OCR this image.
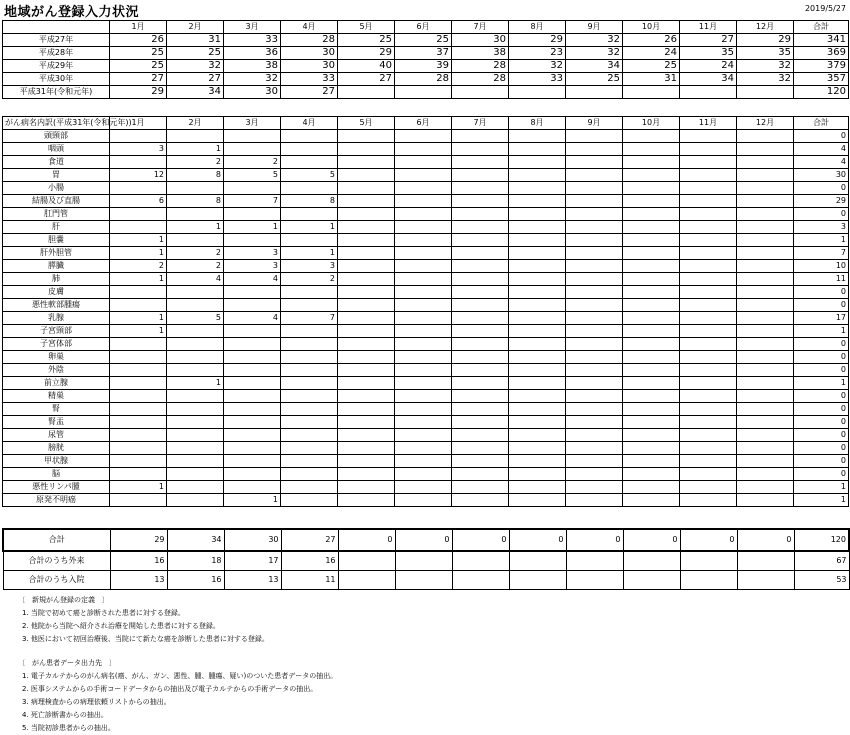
地域がん登録入力状況	2019/5/27
	1月	2月	3月	4月	5月	6月	7月	8月	9月	10月	11月	12月	合計
平成27年	26	31	33	28	25	25	30	29	32	26	27	29	341
平成28年	25	25	36	30	29	37	38	23	32	24	35	35	369
平成29年	25	32	38	30	40	39	28	32	34	25	24	32	379
平成30年	27	27	32	33	27	28	28	33	25	31	34	32	357
平成31年(令和元年)	29	34	30	27									120
がん病名内訳(平成31年(令和元年))	1月	2月	3月	4月	5月	6月	7月	8月	9月	10月	11月	12月	合計
頭頸部													0
咽頭	3	1											4
食道		2	2										4
胃	12	8	5	5									30
小腸													0
結腸及び直腸	6	8	7	8									29
肛門管													0
肝		1	1	1									3
胆嚢	1												1
肝外胆管	1	2	3	1									7
膵臓	2	2	3	3									10
肺	1	4	4	2									11
皮膚													0
悪性軟部腫瘍													0
乳腺	1	5	4	7									17
子宮頸部	1												1
子宮体部													0
卵巣													0
外陰													0
前立腺		1											1
精巣													0
腎													0
腎盂													0
尿管													0
膀胱													0
甲状腺													0
脳													0
悪性リンパ腫	1												1
原発不明癌			1										1
合計	29	34	30	27	0	0	0	0	0	0	0	0	120
合計のうち外来	16	18	17	16									67
合計のうち入院	13	16	13	11									53
〔　新規がん登録の定義　〕
1. 当院で初めて癌と診断された患者に対する登録。
2. 他院から当院へ紹介され治療を開始した患者に対する登録。
3. 他医において初回治療後、当院にて新たな癌を診断した患者に対する登録。
〔　がん患者データ出力先　〕
1. 電子カルテからのがん病名(癌、がん、ガン、悪性、腫、腫瘍、疑い)のついた患者データの抽出。
2. 医事システムからの手術コードデータからの抽出及び電子カルテからの手術データの抽出。
3. 病理検査からの病理依頼リストからの抽出。
4. 死亡診断書からの抽出。
5. 当院初診患者からの抽出。
